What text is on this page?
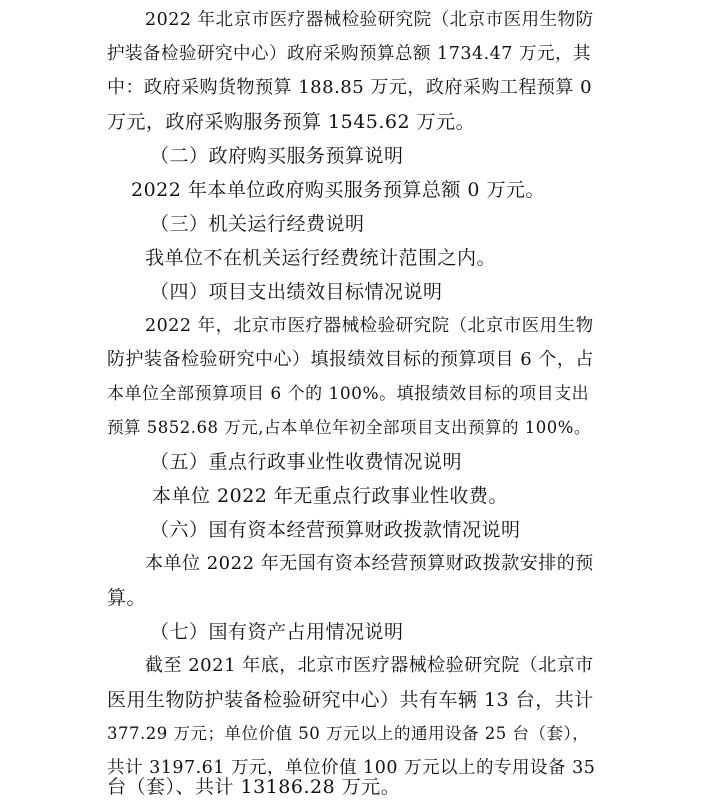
2022 年北京市医疗器械检验研究院（北京市医用生物防
护装备检验研究中心）政府采购预算总额 1734.47 万元，其
中：政府采购货物预算 188.85 万元，政府采购工程预算 0
万元，政府采购服务预算 1545.62 万元。
（二）政府购买服务预算说明
2022 年本单位政府购买服务预算总额 0 万元。
（三）机关运行经费说明
我单位不在机关运行经费统计范围之内。
（四）项目支出绩效目标情况说明
2022 年，北京市医疗器械检验研究院（北京市医用生物
防护装备检验研究中心）填报绩效目标的预算项目 6 个，占
本单位全部预算项目 6 个的 100%。填报绩效目标的项目支出
预算 5852.68 万元,占本单位年初全部项目支出预算的 100%。
（五）重点行政事业性收费情况说明
本单位 2022 年无重点行政事业性收费。
（六）国有资本经营预算财政拨款情况说明
本单位 2022 年无国有资本经营预算财政拨款安排的预
算。
（七）国有资产占用情况说明
截至 2021 年底，北京市医疗器械检验研究院（北京市
医用生物防护装备检验研究中心）共有车辆 13 台，共计
377.29 万元；单位价值 50 万元以上的通用设备 25 台（套），
共计 3197.61 万元，单位价值 100 万元以上的专用设备 35
台（套）、共计 13186.28 万元。
